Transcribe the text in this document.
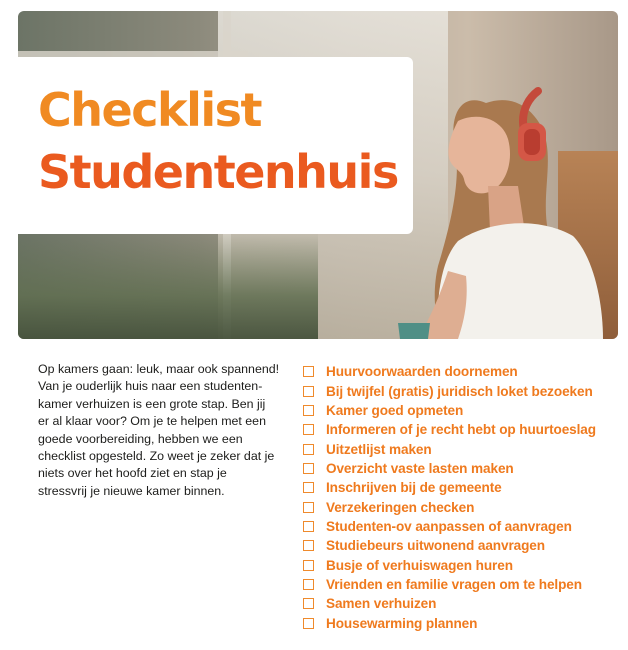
Checklist
Studentenhuis

Op kamers gaan: leuk, maar ook spannend!
Van je ouderlijk huis naar een studenten-
kamer verhuizen is een grote stap. Ben jij
er al klaar voor? Om je te helpen met een
goede voorbereiding, hebben we een
checklist opgesteld. Zo weet je zeker dat je
niets over het hoofd ziet en stap je
stressvrij je nieuwe kamer binnen.

Huurvoorwaarden doornemen
Bij twijfel (gratis) juridisch loket bezoeken
Kamer goed opmeten
Informeren of je recht hebt op huurtoeslag
Uitzetlijst maken
Overzicht vaste lasten maken
Inschrijven bij de gemeente
Verzekeringen checken
Studenten-ov aanpassen of aanvragen
Studiebeurs uitwonend aanvragen
Busje of verhuiswagen huren
Vrienden en familie vragen om te helpen
Samen verhuizen
Housewarming plannen
